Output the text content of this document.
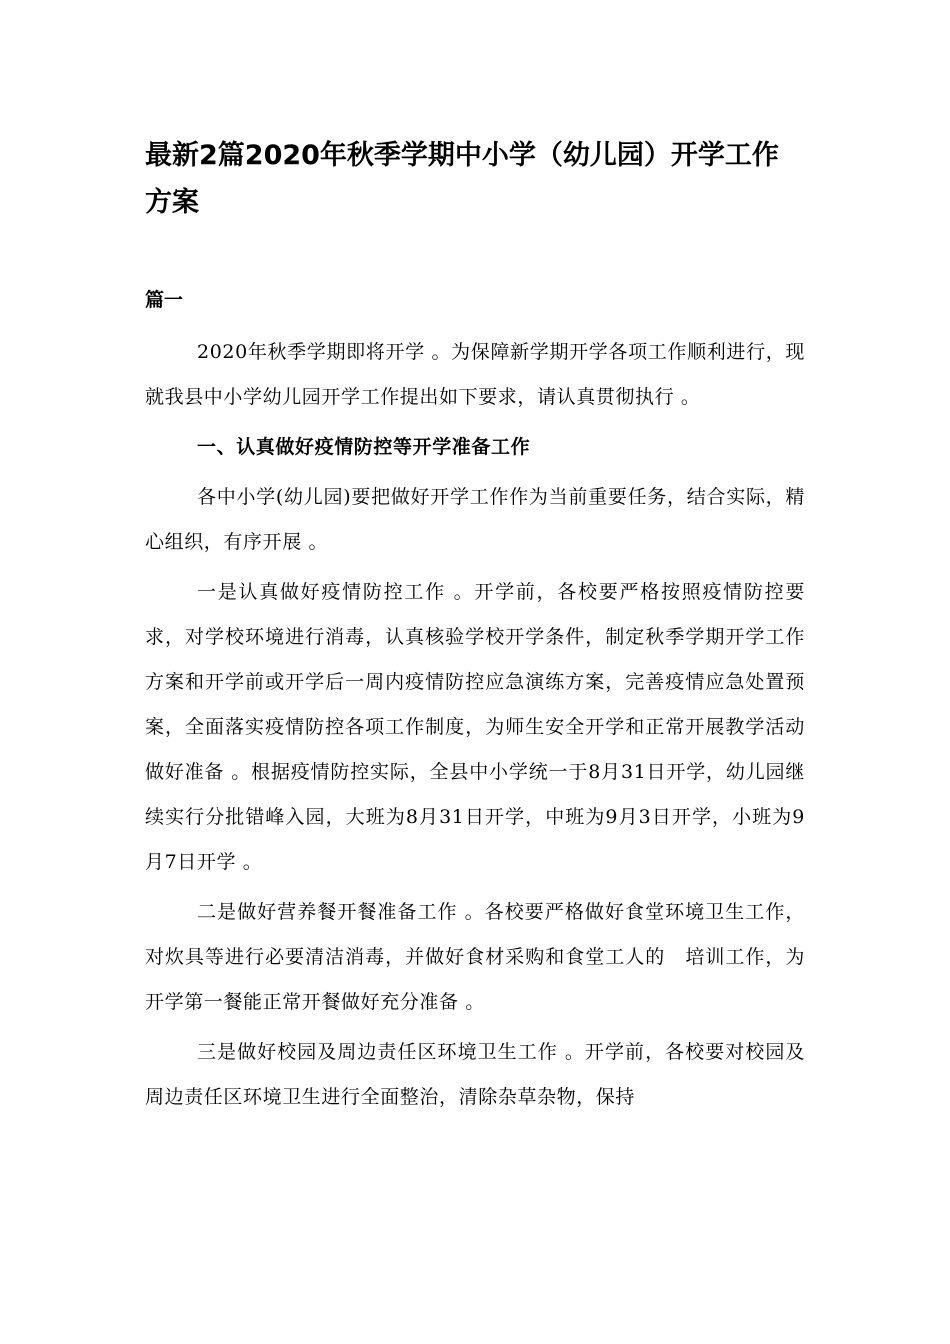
最新2篇2020年秋季学期中小学（幼儿园）开学工作方案
篇一

2020年秋季学期即将开学 。为保障新学期开学各项工作顺利进行，现就我县中小学幼儿园开学工作提出如下要求，请认真贯彻执行 。

一、认真做好疫情防控等开学准备工作

各中小学(幼儿园)要把做好开学工作作为当前重要任务，结合实际，精心组织，有序开展 。

一是认真做好疫情防控工作 。开学前，各校要严格按照疫情防控要求，对学校环境进行消毒，认真核验学校开学条件，制定秋季学期开学工作方案和开学前或开学后一周内疫情防控应急演练方案，完善疫情应急处置预案，全面落实疫情防控各项工作制度，为师生安全开学和正常开展教学活动做好准备 。根据疫情防控实际，全县中小学统一于8月31日开学，幼儿园继续实行分批错峰入园，大班为8月31日开学，中班为9月3日开学，小班为9月7日开学 。

二是做好营养餐开餐准备工作 。各校要严格做好食堂环境卫生工作，对炊具等进行必要清洁消毒，并做好食材采购和食堂工人的　培训工作，为开学第一餐能正常开餐做好充分准备 。

三是做好校园及周边责任区环境卫生工作 。开学前，各校要对校园及周边责任区环境卫生进行全面整治，清除杂草杂物，保持
